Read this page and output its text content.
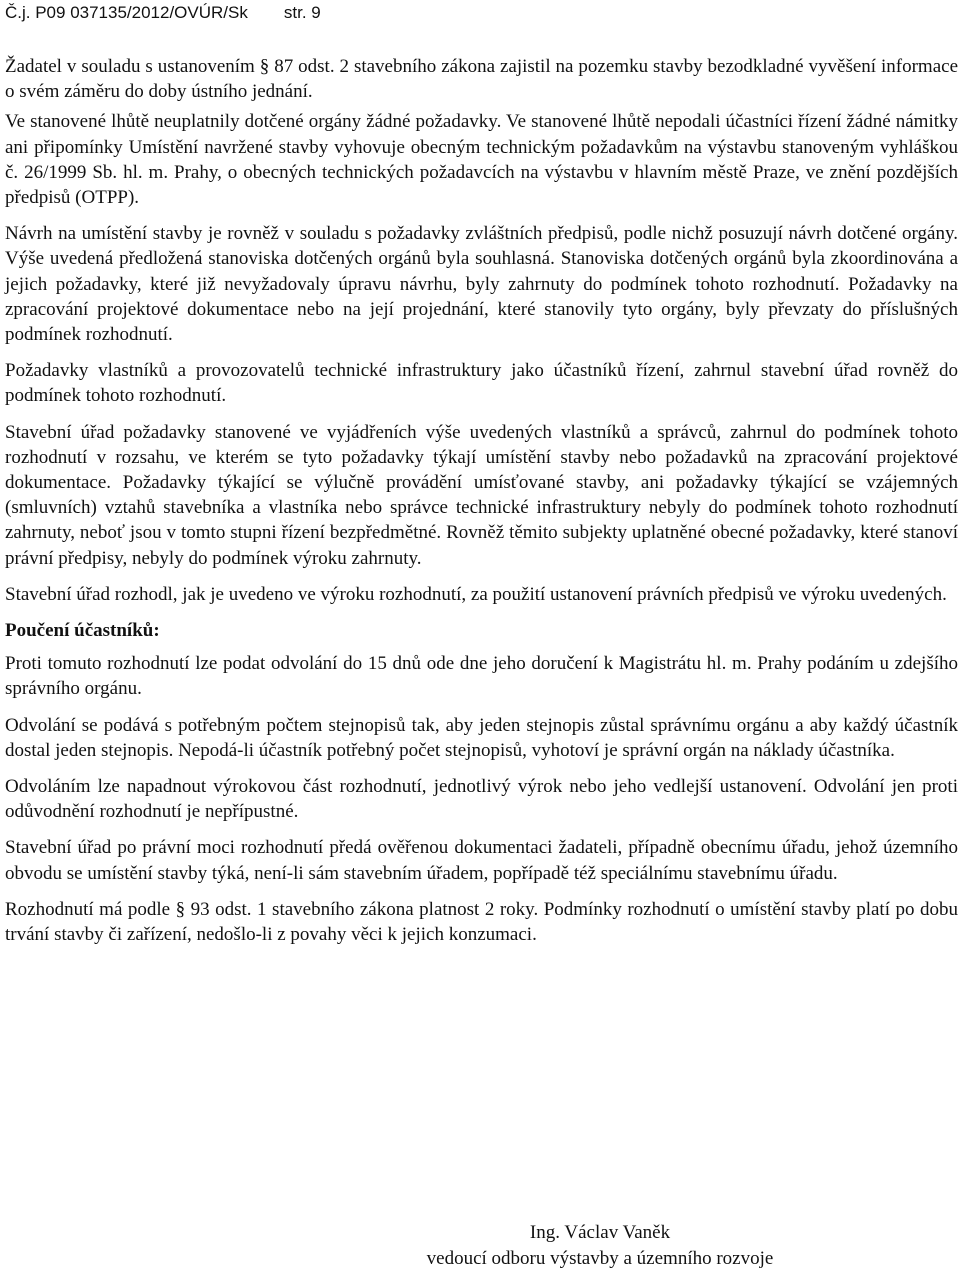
Č.j. P09 037135/2012/OVÚR/Sk str. 9

Žadatel v souladu s ustanovením § 87 odst. 2 stavebního zákona zajistil na pozemku stavby bezodkladné vyvěšení informace o svém záměru do doby ústního jednání.

Ve stanovené lhůtě neuplatnily dotčené orgány žádné požadavky. Ve stanovené lhůtě nepodali účastníci řízení žádné námitky ani připomínky Umístění navržené stavby vyhovuje obecným technickým požadavkům na výstavbu stanoveným vyhláškou č. 26/1999 Sb. hl. m. Prahy, o obecných technických požadavcích na výstavbu v hlavním městě Praze, ve znění pozdějších předpisů (OTPP).

Návrh na umístění stavby je rovněž v souladu s požadavky zvláštních předpisů, podle nichž posuzují návrh dotčené orgány. Výše uvedená předložená stanoviska dotčených orgánů byla souhlasná. Stanoviska dotčených orgánů byla zkoordinována a jejich požadavky, které již nevyžadovaly úpravu návrhu, byly zahrnuty do podmínek tohoto rozhodnutí. Požadavky na zpracování projektové dokumentace nebo na její projednání, které stanovily tyto orgány, byly převzaty do příslušných podmínek rozhodnutí.

Požadavky vlastníků a provozovatelů technické infrastruktury jako účastníků řízení, zahrnul stavební úřad rovněž do podmínek tohoto rozhodnutí.

Stavební úřad požadavky stanovené ve vyjádřeních výše uvedených vlastníků a správců, zahrnul do podmínek tohoto rozhodnutí v rozsahu, ve kterém se tyto požadavky týkají umístění stavby nebo požadavků na zpracování projektové dokumentace. Požadavky týkající se výlučně provádění umísťované stavby, ani požadavky týkající se vzájemných (smluvních) vztahů stavebníka a vlastníka nebo správce technické infrastruktury nebyly do podmínek tohoto rozhodnutí zahrnuty, neboť jsou v tomto stupni řízení bezpředmětné. Rovněž těmito subjekty uplatněné obecné požadavky, které stanoví právní předpisy, nebyly do podmínek výroku zahrnuty.

Stavební úřad rozhodl, jak je uvedeno ve výroku rozhodnutí, za použití ustanovení právních předpisů ve výroku uvedených.

Poučení účastníků:

Proti tomuto rozhodnutí lze podat odvolání do 15 dnů ode dne jeho doručení k Magistrátu hl. m. Prahy podáním u zdejšího správního orgánu.

Odvolání se podává s potřebným počtem stejnopisů tak, aby jeden stejnopis zůstal správnímu orgánu a aby každý účastník dostal jeden stejnopis. Nepodá-li účastník potřebný počet stejnopisů, vyhotoví je správní orgán na náklady účastníka.

Odvoláním lze napadnout výrokovou část rozhodnutí, jednotlivý výrok nebo jeho vedlejší ustanovení. Odvolání jen proti odůvodnění rozhodnutí je nepřípustné.

Stavební úřad po právní moci rozhodnutí předá ověřenou dokumentaci žadateli, případně obecnímu úřadu, jehož územního obvodu se umístění stavby týká, není-li sám stavebním úřadem, popřípadě též speciálnímu stavebnímu úřadu.

Rozhodnutí má podle § 93 odst. 1 stavebního zákona platnost 2 roky. Podmínky rozhodnutí o umístění stavby platí po dobu trvání stavby či zařízení, nedošlo-li z povahy věci k jejich konzumaci.

Ing. Václav Vaněk
vedoucí odboru výstavby a územního rozvoje
